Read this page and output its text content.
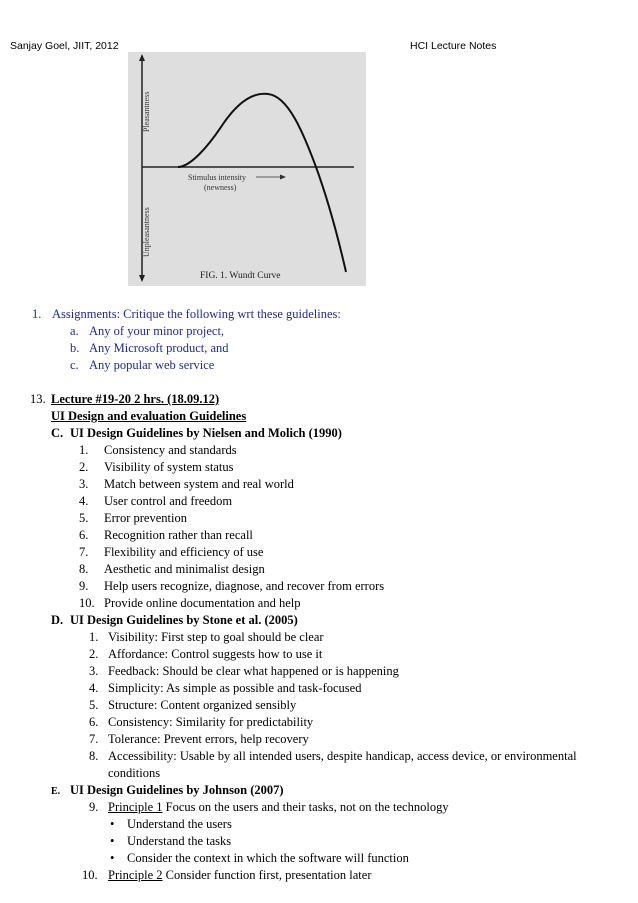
Sanjay Goel, JIIT, 2012	HCI Lecture Notes
Pleasantness
Unpleasantness
Stimulus intensity
(newness)
FIG. 1. Wundt Curve
1. Assignments: Critique the following wrt these guidelines:
a. Any of your minor project,
b. Any Microsoft product, and
c. Any popular web service
13. Lecture #19-20 2 hrs. (18.09.12)
UI Design and evaluation Guidelines
C. UI Design Guidelines by Nielsen and Molich (1990)
1. Consistency and standards
2. Visibility of system status
3. Match between system and real world
4. User control and freedom
5. Error prevention
6. Recognition rather than recall
7. Flexibility and efficiency of use
8. Aesthetic and minimalist design
9. Help users recognize, diagnose, and recover from errors
10. Provide online documentation and help
D. UI Design Guidelines by Stone et al. (2005)
1. Visibility: First step to goal should be clear
2. Affordance: Control suggests how to use it
3. Feedback: Should be clear what happened or is happening
4. Simplicity: As simple as possible and task-focused
5. Structure: Content organized sensibly
6. Consistency: Similarity for predictability
7. Tolerance: Prevent errors, help recovery
8. Accessibility: Usable by all intended users, despite handicap, access device, or environmental
conditions
E. UI Design Guidelines by Johnson (2007)
9. Principle 1 Focus on the users and their tasks, not on the technology
• Understand the users
• Understand the tasks
• Consider the context in which the software will function
10. Principle 2 Consider function first, presentation later
